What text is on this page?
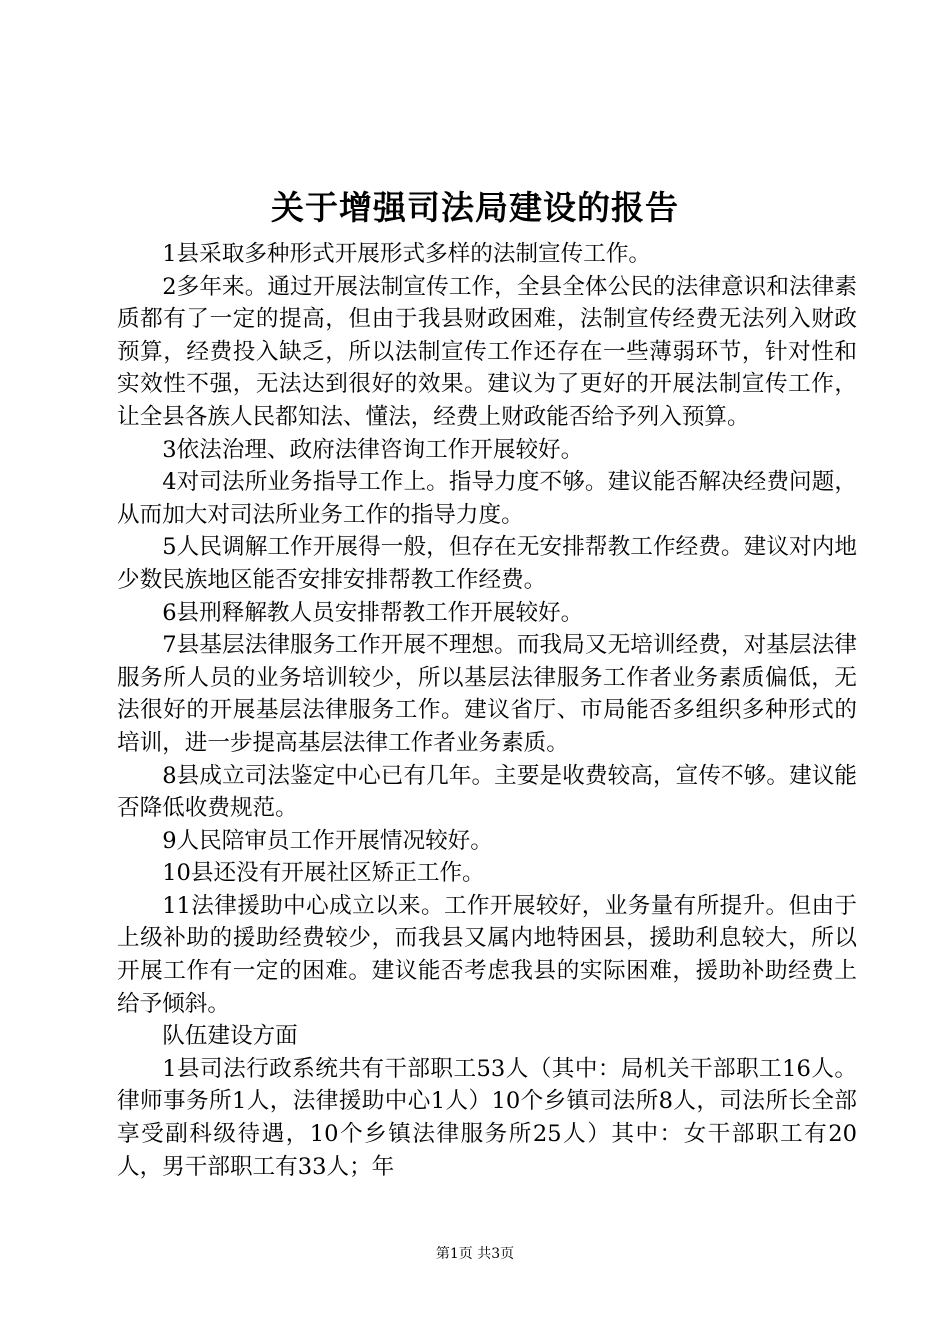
关于增强司法局建设的报告

1县采取多种形式开展形式多样的法制宣传工作。

2多年来。通过开展法制宣传工作，全县全体公民的法律意识和法律素质都有了一定的提高，但由于我县财政困难，法制宣传经费无法列入财政预算，经费投入缺乏，所以法制宣传工作还存在一些薄弱环节，针对性和实效性不强，无法达到很好的效果。建议为了更好的开展法制宣传工作，让全县各族人民都知法、懂法，经费上财政能否给予列入预算。

3依法治理、政府法律咨询工作开展较好。

4对司法所业务指导工作上。指导力度不够。建议能否解决经费问题，从而加大对司法所业务工作的指导力度。

5人民调解工作开展得一般，但存在无安排帮教工作经费。建议对内地少数民族地区能否安排安排帮教工作经费。

6县刑释解教人员安排帮教工作开展较好。

7县基层法律服务工作开展不理想。而我局又无培训经费，对基层法律服务所人员的业务培训较少，所以基层法律服务工作者业务素质偏低，无法很好的开展基层法律服务工作。建议省厅、市局能否多组织多种形式的培训，进一步提高基层法律工作者业务素质。

8县成立司法鉴定中心已有几年。主要是收费较高，宣传不够。建议能否降低收费规范。

9人民陪审员工作开展情况较好。

10县还没有开展社区矫正工作。

11法律援助中心成立以来。工作开展较好，业务量有所提升。但由于上级补助的援助经费较少，而我县又属内地特困县，援助利息较大，所以开展工作有一定的困难。建议能否考虑我县的实际困难，援助补助经费上给予倾斜。

队伍建设方面

1县司法行政系统共有干部职工53人（其中：局机关干部职工16人。律师事务所1人，法律援助中心1人）10个乡镇司法所8人，司法所长全部享受副科级待遇，10个乡镇法律服务所25人）其中：女干部职工有20人，男干部职工有33人；年

第1页 共3页
